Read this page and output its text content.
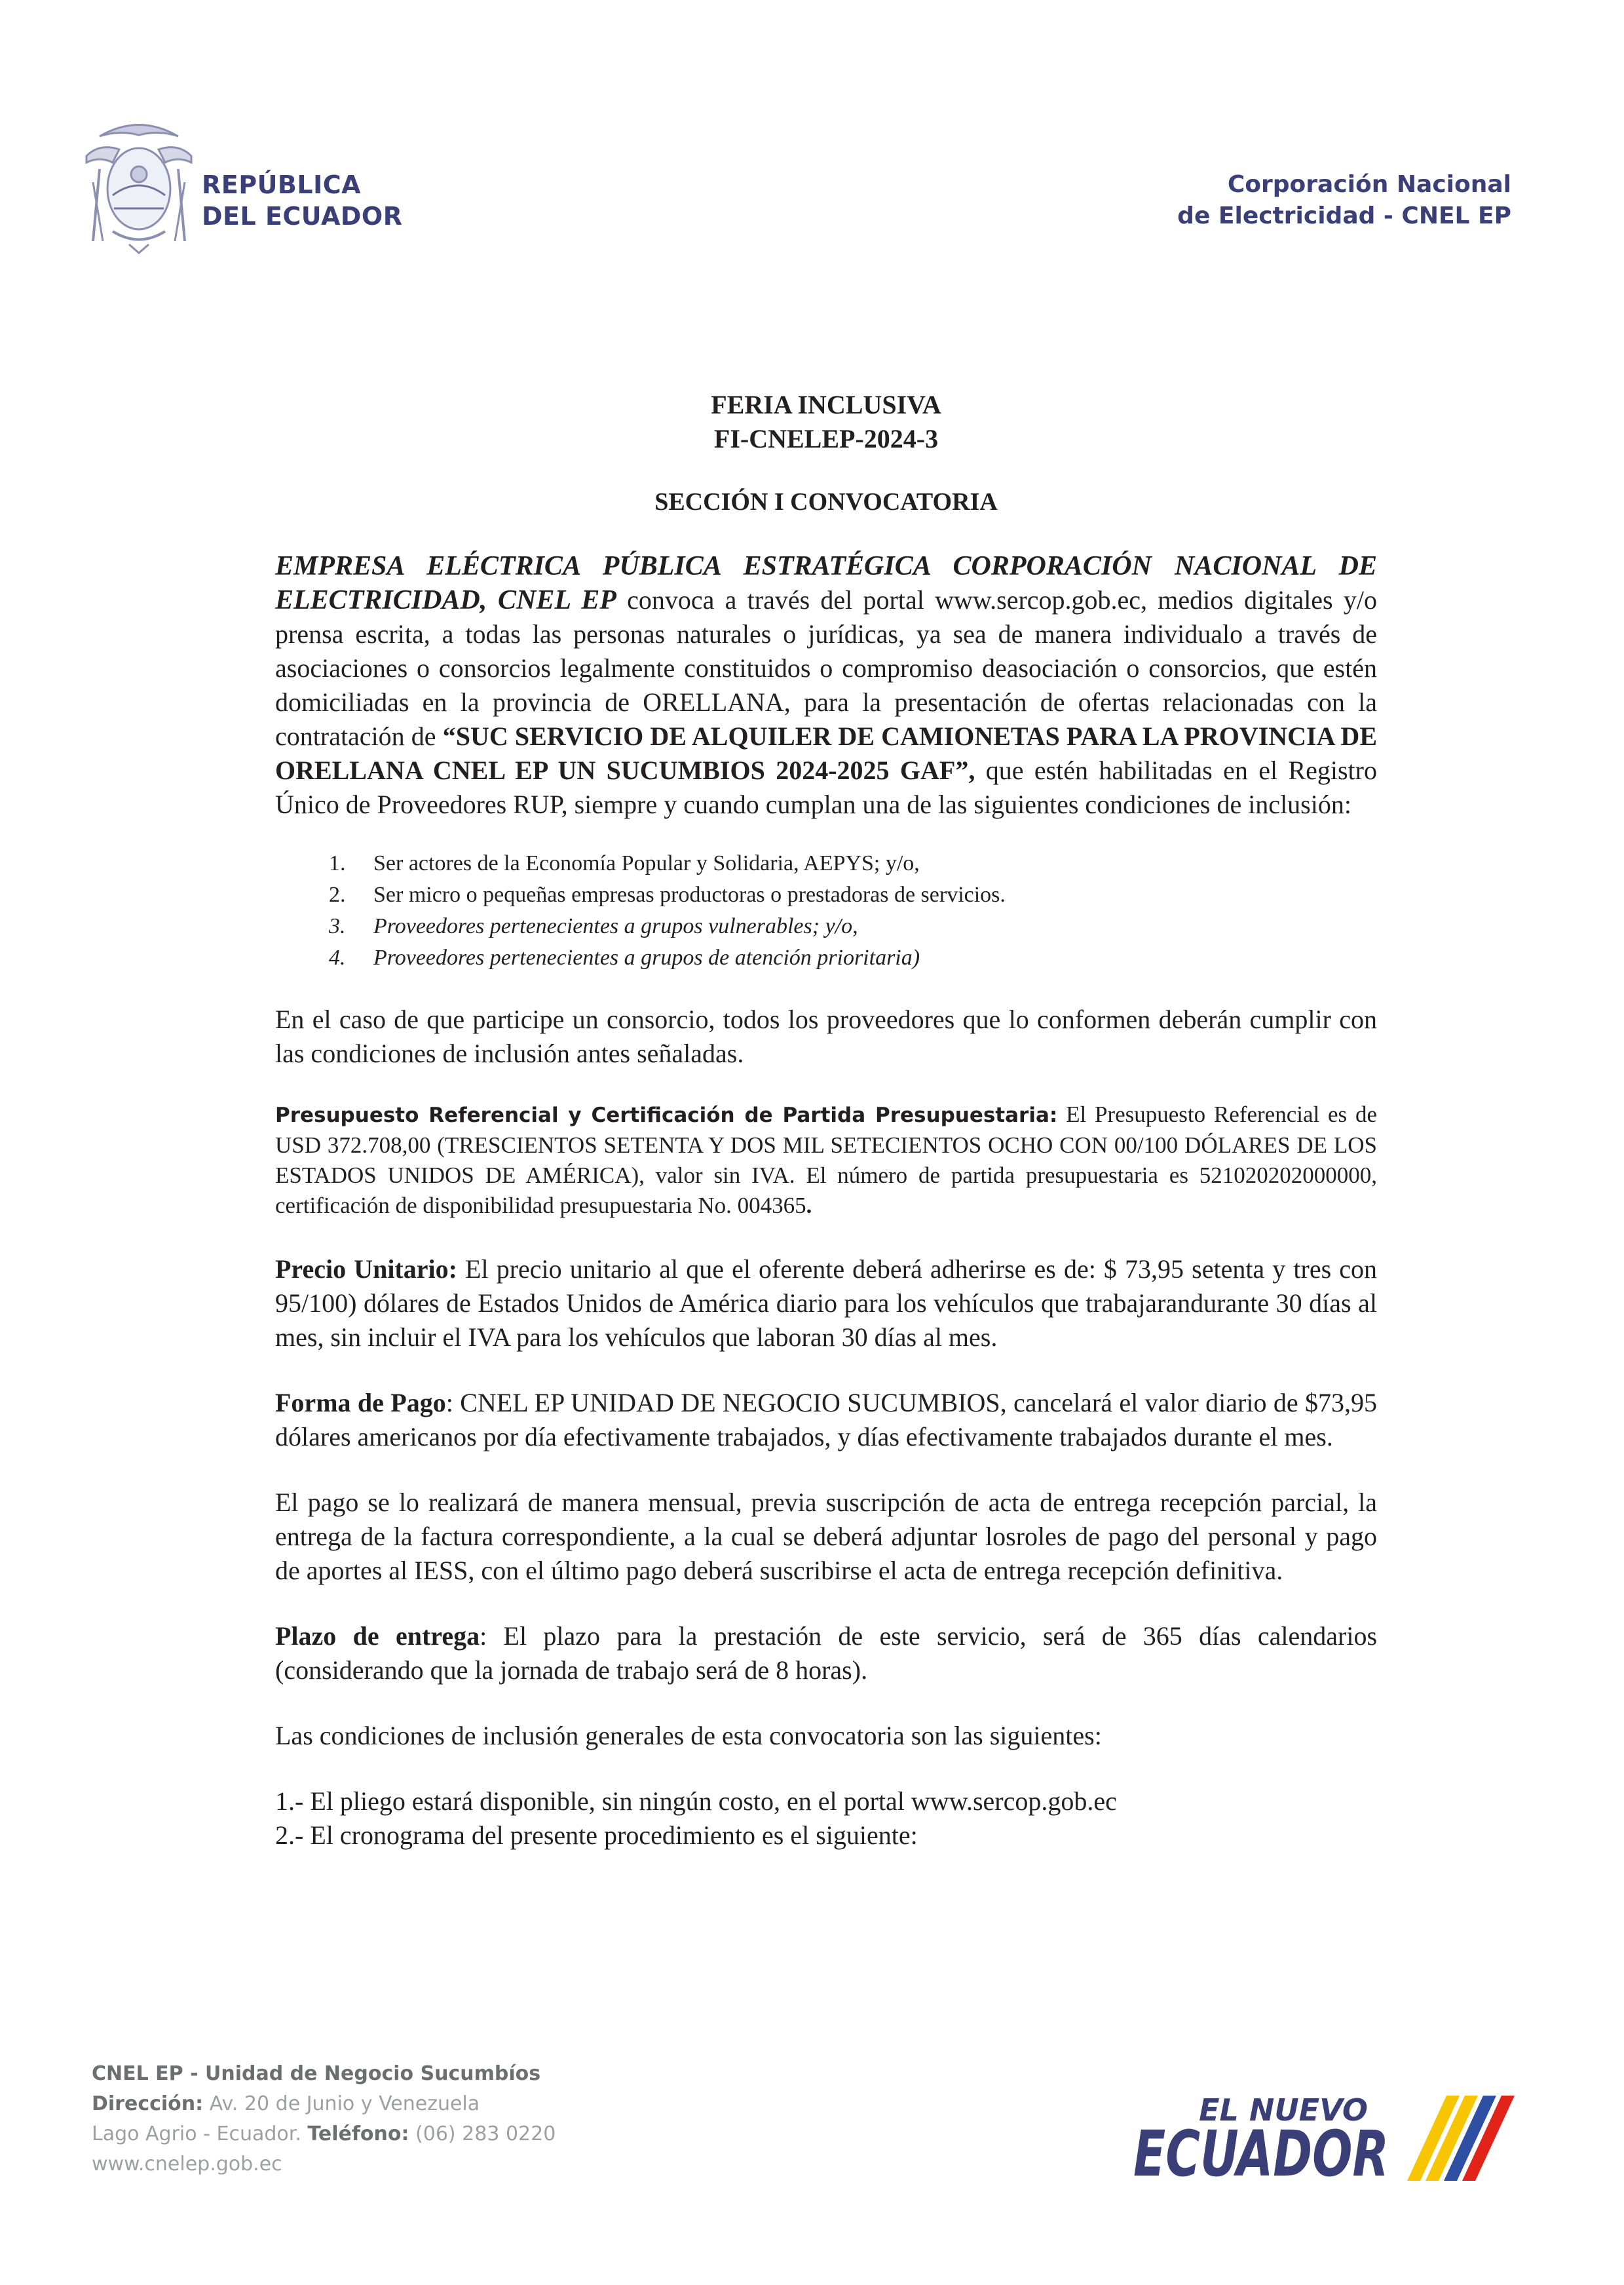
REPÚBLICA
DEL ECUADOR
Corporación Nacional
de Electricidad - CNEL EP
FERIA INCLUSIVA
FI-CNELEP-2024-3
SECCIÓN I CONVOCATORIA

EMPRESA ELÉCTRICA PÚBLICA ESTRATÉGICA CORPORACIÓN NACIONAL DE ELECTRICIDAD, CNEL EP convoca a través del portal www.sercop.gob.ec, medios digitales y/o prensa escrita, a todas las personas naturales o jurídicas, ya sea de manera individualo a través de asociaciones o consorcios legalmente constituidos o compromiso deasociación o consorcios, que estén domiciliadas en la provincia de ORELLANA, para la presentación de ofertas relacionadas con la contratación de “SUC SERVICIO DE ALQUILER DE CAMIONETAS PARA LA PROVINCIA DE ORELLANA CNEL EP UN SUCUMBIOS 2024-2025 GAF”, que estén habilitadas en el Registro Único de Proveedores RUP, siempre y cuando cumplan una de las siguientes condiciones de inclusión:

1. Ser actores de la Economía Popular y Solidaria, AEPYS; y/o,
2. Ser micro o pequeñas empresas productoras o prestadoras de servicios.
3. Proveedores pertenecientes a grupos vulnerables; y/o,
4. Proveedores pertenecientes a grupos de atención prioritaria)

En el caso de que participe un consorcio, todos los proveedores que lo conformen deberán cumplir con las condiciones de inclusión antes señaladas.

Presupuesto Referencial y Certificación de Partida Presupuestaria: El Presupuesto Referencial es de USD 372.708,00 (TRESCIENTOS SETENTA Y DOS MIL SETECIENTOS OCHO CON 00/100 DÓLARES DE LOS ESTADOS UNIDOS DE AMÉRICA), valor sin IVA. El número de partida presupuestaria es 521020202000000, certificación de disponibilidad presupuestaria No. 004365.

Precio Unitario: El precio unitario al que el oferente deberá adherirse es de: $ 73,95 setenta y tres con 95/100) dólares de Estados Unidos de América diario para los vehículos que trabajarandurante 30 días al mes, sin incluir el IVA para los vehículos que laboran 30 días al mes.

Forma de Pago: CNEL EP UNIDAD DE NEGOCIO SUCUMBIOS, cancelará el valor diario de $73,95 dólares americanos por día efectivamente trabajados, y días efectivamente trabajados durante el mes.

El pago se lo realizará de manera mensual, previa suscripción de acta de entrega recepción parcial, la entrega de la factura correspondiente, a la cual se deberá adjuntar losroles de pago del personal y pago de aportes al IESS, con el último pago deberá suscribirse el acta de entrega recepción definitiva.

Plazo de entrega: El plazo para la prestación de este servicio, será de 365 días calendarios (considerando que la jornada de trabajo será de 8 horas).

Las condiciones de inclusión generales de esta convocatoria son las siguientes:

1.- El pliego estará disponible, sin ningún costo, en el portal www.sercop.gob.ec

2.- El cronograma del presente procedimiento es el siguiente:

CNEL EP - Unidad de Negocio Sucumbíos
Dirección: Av. 20 de Junio y Venezuela
Lago Agrio - Ecuador. Teléfono: (06) 283 0220
www.cnelep.gob.ec
EL NUEVO
ECUADOR
